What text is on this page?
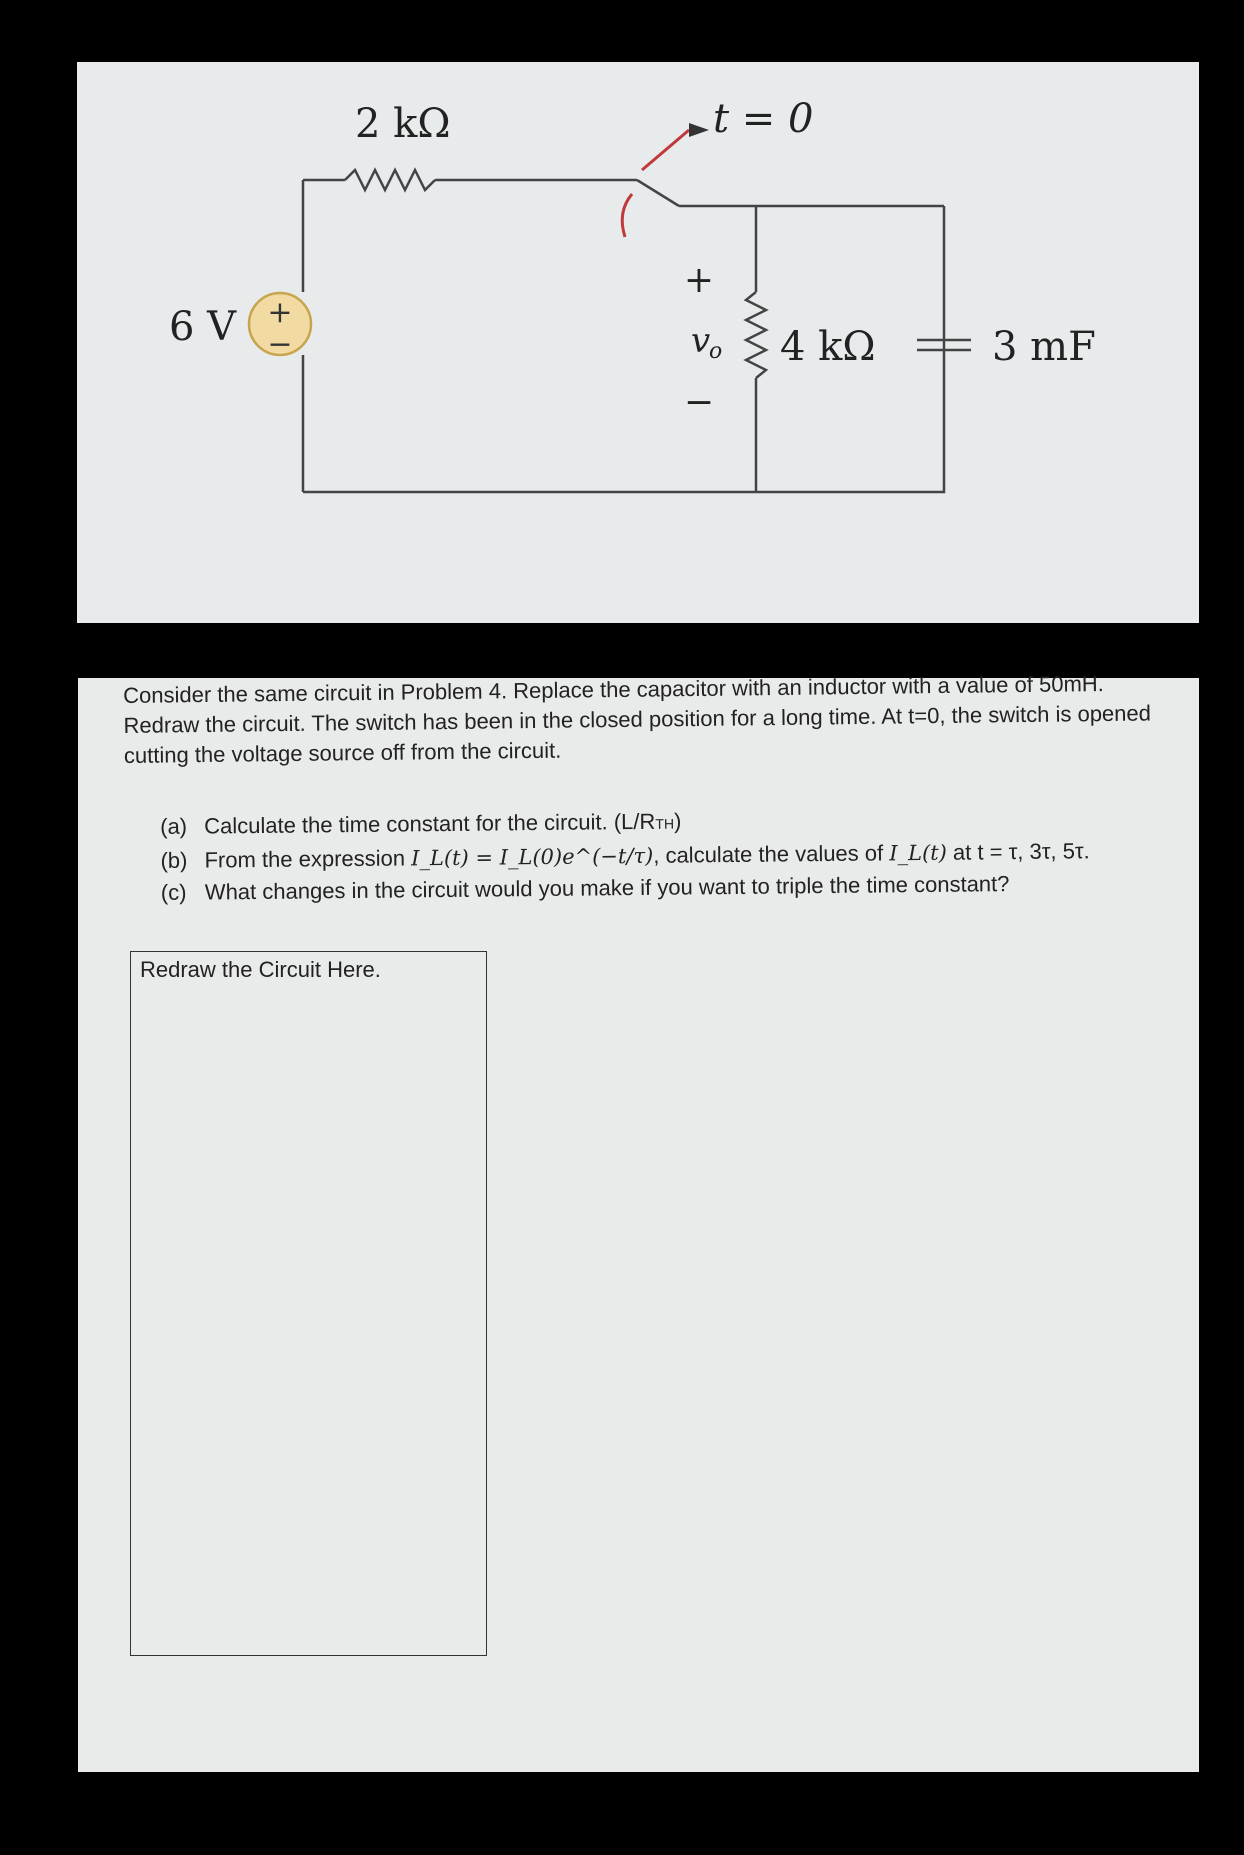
+
−
6 V
2 kΩ	t = 0
+
v
o
−
4 kΩ	3 mF
Consider the same circuit in Problem 4. Replace the capacitor with an inductor with a value of 50mH. Redraw the circuit. The switch has been in the closed position for a long time. At t=0, the switch is opened cutting the voltage source off from the circuit.
(a) Calculate the time constant for the circuit. (L/RTH)
(b) From the expression I_L(t) = I_L(0)e^(−t/τ), calculate the values of I_L(t) at t = τ, 3τ, 5τ.
(c) What changes in the circuit would you make if you want to triple the time constant?
Redraw the Circuit Here.
